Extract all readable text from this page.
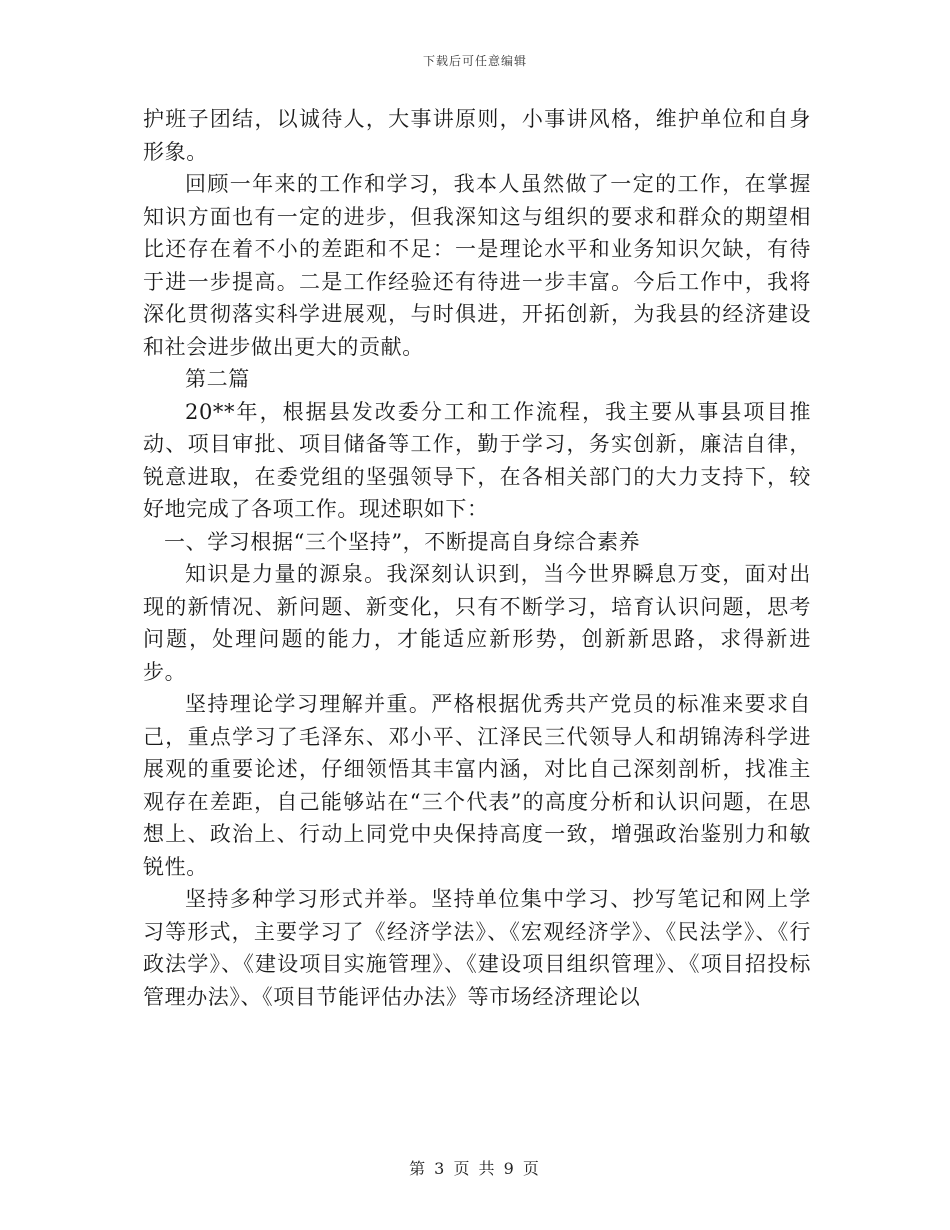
下载后可任意编辑

护班子团结，以诚待人，大事讲原则，小事讲风格，维护单位和自身形象。

回顾一年来的工作和学习，我本人虽然做了一定的工作，在掌握知识方面也有一定的进步，但我深知这与组织的要求和群众的期望相比还存在着不小的差距和不足：一是理论水平和业务知识欠缺，有待于进一步提高。二是工作经验还有待进一步丰富。今后工作中，我将深化贯彻落实科学进展观，与时俱进，开拓创新，为我县的经济建设和社会进步做出更大的贡献。

第二篇

20**年，根据县发改委分工和工作流程，我主要从事县项目推动、项目审批、项目储备等工作，勤于学习，务实创新，廉洁自律，锐意进取，在委党组的坚强领导下，在各相关部门的大力支持下，较好地完成了各项工作。现述职如下：

一、学习根据“三个坚持”，不断提高自身综合素养

知识是力量的源泉。我深刻认识到，当今世界瞬息万变，面对出现的新情况、新问题、新变化，只有不断学习，培育认识问题，思考问题，处理问题的能力，才能适应新形势，创新新思路，求得新进步。

坚持理论学习理解并重。严格根据优秀共产党员的标准来要求自己，重点学习了毛泽东、邓小平、江泽民三代领导人和胡锦涛科学进展观的重要论述，仔细领悟其丰富内涵，对比自己深刻剖析，找准主观存在差距，自己能够站在“三个代表”的高度分析和认识问题，在思想上、政治上、行动上同党中央保持高度一致，增强政治鉴别力和敏锐性。

坚持多种学习形式并举。坚持单位集中学习、抄写笔记和网上学习等形式，主要学习了《经济学法》、《宏观经济学》、《民法学》、《行政法学》、《建设项目实施管理》、《建设项目组织管理》、《项目招投标管理办法》、《项目节能评估办法》等市场经济理论以

第 3 页 共 9 页
